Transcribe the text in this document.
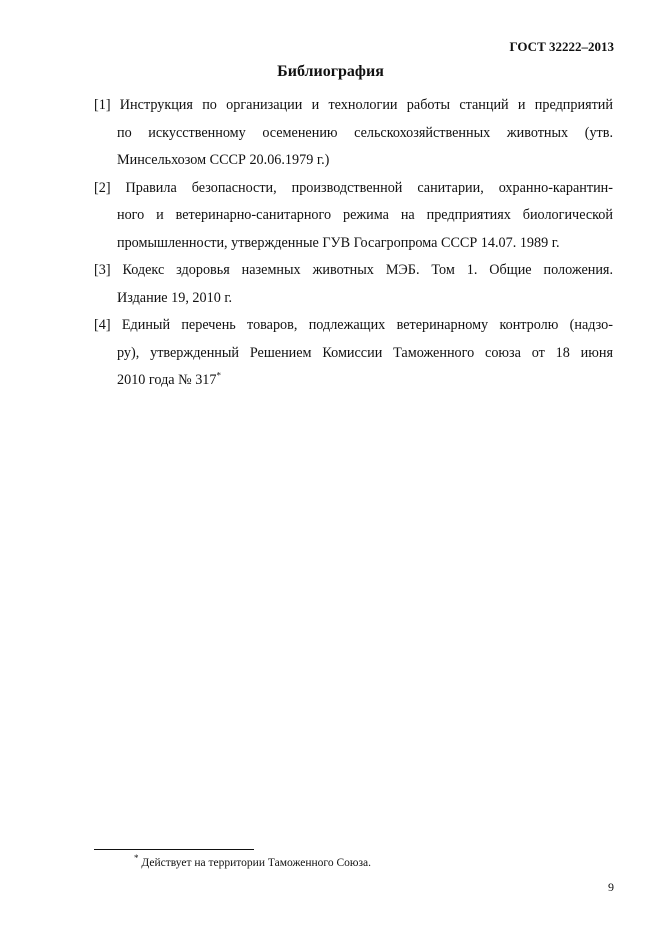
ГОСТ 32222–2013
Библиография

[1] Инструкция по организации и технологии работы станций и предприятий
по искусственному осеменению сельскохозяйственных животных (утв.
Минсельхозом СССР 20.06.1979 г.)

[2] Правила безопасности, производственной санитарии, охранно-карантин-
ного и ветеринарно-санитарного режима на предприятиях биологической
промышленности, утвержденные ГУВ Госагропрома СССР 14.07. 1989 г.

[3] Кодекс здоровья наземных животных МЭБ. Том 1. Общие положения.
Издание 19, 2010 г.

[4] Единый перечень товаров, подлежащих ветеринарному контролю (надзо-
ру), утвержденный Решением Комиссии Таможенного союза от 18 июня
2010 года № 317*

* Действует на территории Таможенного Союза.
9
